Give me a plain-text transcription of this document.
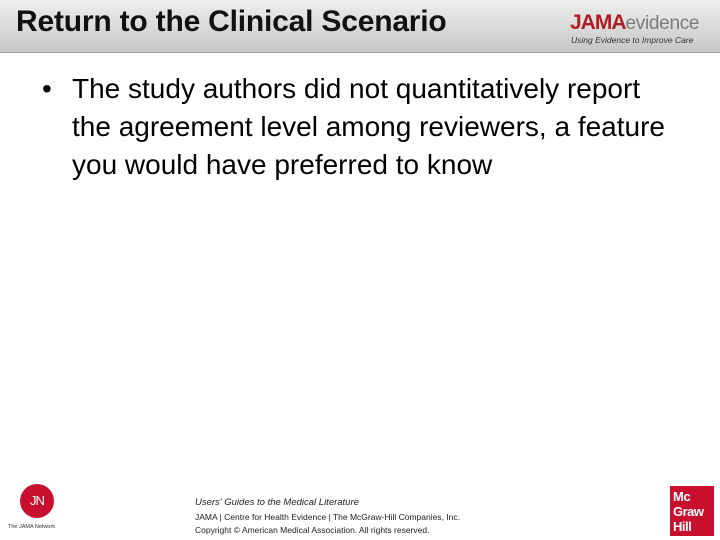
Return to the Clinical Scenario	JAMAevidence
Using Evidence to Improve Care
• The study authors did not quantitatively report the agreement level among reviewers, a feature you would have preferred to know
JN
The JAMA Network
Users' Guides to the Medical Literature
JAMA | Centre for Health Evidence | The McGraw-Hill Companies, Inc.
Copyright © American Medical Association. All rights reserved.
Mc
Graw
Hill
